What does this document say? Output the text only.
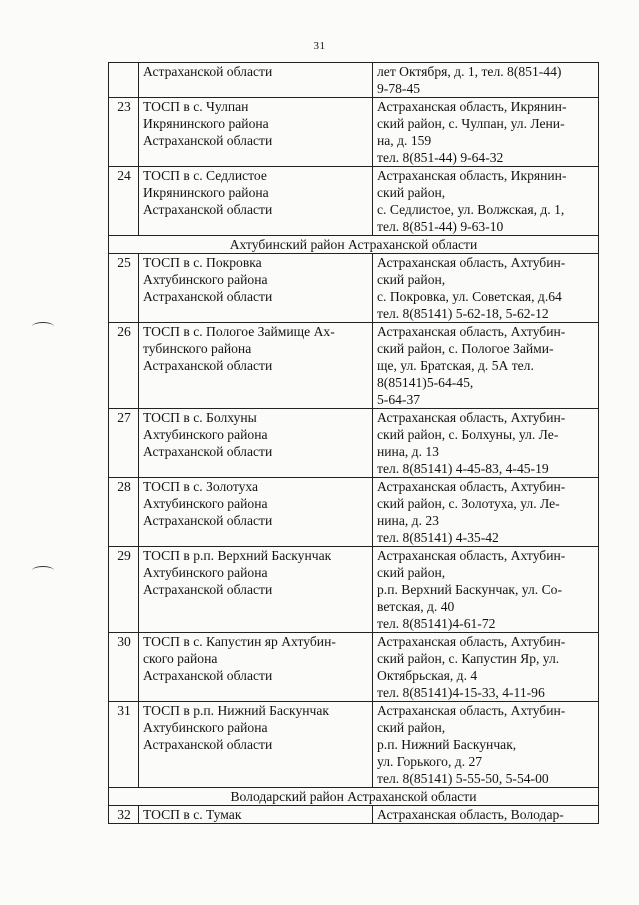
31
	Астраханской области	лет Октября, д. 1, тел. 8(851-44)
9-78-45
23	ТОСП в с. Чулпан
Икрянинского района
Астраханской области	Астраханская область, Икрянин-
ский район, с. Чулпан, ул. Лени-
на, д. 159
тел. 8(851-44) 9-64-32
24	ТОСП в с. Седлистое
Икрянинского района
Астраханской области	Астраханская область, Икрянин-
ский район,
с. Седлистое, ул. Волжская, д. 1,
тел. 8(851-44) 9-63-10
Ахтубинский район Астраханской области		
25	ТОСП в с. Покровка
Ахтубинского района
Астраханской области	Астраханская область, Ахтубин-
ский район,
с. Покровка, ул. Советская, д.64
тел. 8(85141) 5-62-18, 5-62-12
26	ТОСП в с. Пологое Займище Ах-
тубинского района
Астраханской области	Астраханская область, Ахтубин-
ский район, с. Пологое Займи-
ще, ул. Братская, д. 5А тел.
8(85141)5-64-45,
5-64-37
27	ТОСП в с. Болхуны
Ахтубинского района
Астраханской области	Астраханская область, Ахтубин-
ский район, с. Болхуны, ул. Ле-
нина, д. 13
тел. 8(85141) 4-45-83, 4-45-19
28	ТОСП в с. Золотуха
Ахтубинского района
Астраханской области	Астраханская область, Ахтубин-
ский район, с. Золотуха, ул. Ле-
нина, д. 23
тел. 8(85141) 4-35-42
29	ТОСП в р.п. Верхний Баскунчак
Ахтубинского района
Астраханской области	Астраханская область, Ахтубин-
ский район,
р.п. Верхний Баскунчак, ул. Со-
ветская, д. 40
тел. 8(85141)4-61-72
30	ТОСП в с. Капустин яр Ахтубин-
ского района
Астраханской области	Астраханская область, Ахтубин-
ский район, с. Капустин Яр, ул.
Октябрьская, д. 4
тел. 8(85141)4-15-33, 4-11-96
31	ТОСП в р.п. Нижний Баскунчак
Ахтубинского района
Астраханской области	Астраханская область, Ахтубин-
ский район,
р.п. Нижний Баскунчак,
ул. Горького, д. 27
тел. 8(85141) 5-55-50, 5-54-00
Володарский район Астраханской области		
32	ТОСП в с. Тумак	Астраханская область, Володар-
